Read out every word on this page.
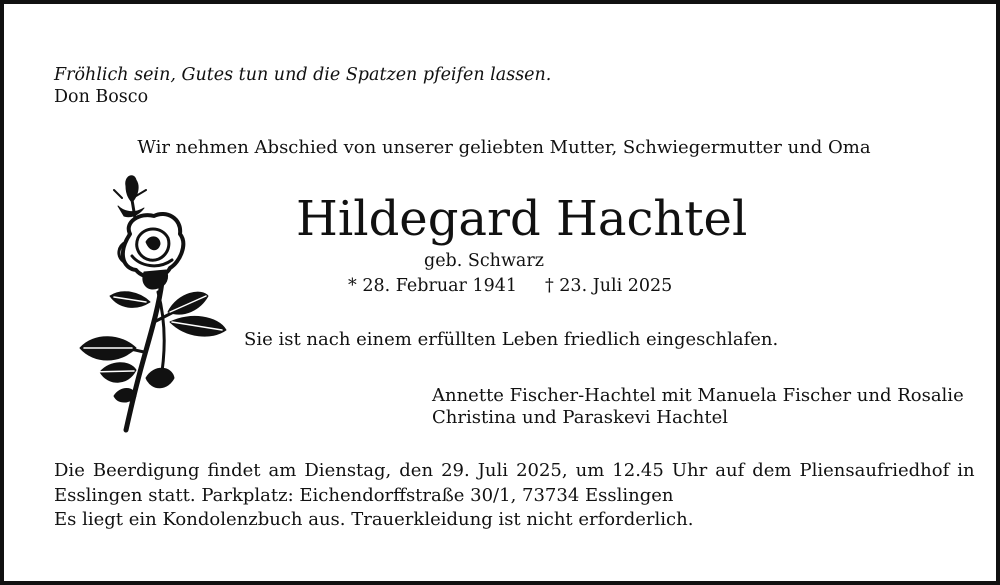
Fröhlich sein, Gutes tun und die Spatzen pfeifen lassen.
Don Bosco
Wir nehmen Abschied von unserer geliebten Mutter, Schwiegermutter und Oma
Hildegard Hachtel
geb. Schwarz
* 28. Februar 1941 † 23. Juli 2025
Sie ist nach einem erfüllten Leben friedlich eingeschlafen.
Annette Fischer-Hachtel mit Manuela Fischer und Rosalie
Christina und Paraskevi Hachtel
Die Beerdigung findet am Dienstag, den 29. Juli 2025, um 12.45 Uhr auf dem Pliensaufriedhof in
Esslingen statt. Parkplatz: Eichendorffstraße 30/1, 73734 Esslingen
Es liegt ein Kondolenzbuch aus. Trauerkleidung ist nicht erforderlich.
